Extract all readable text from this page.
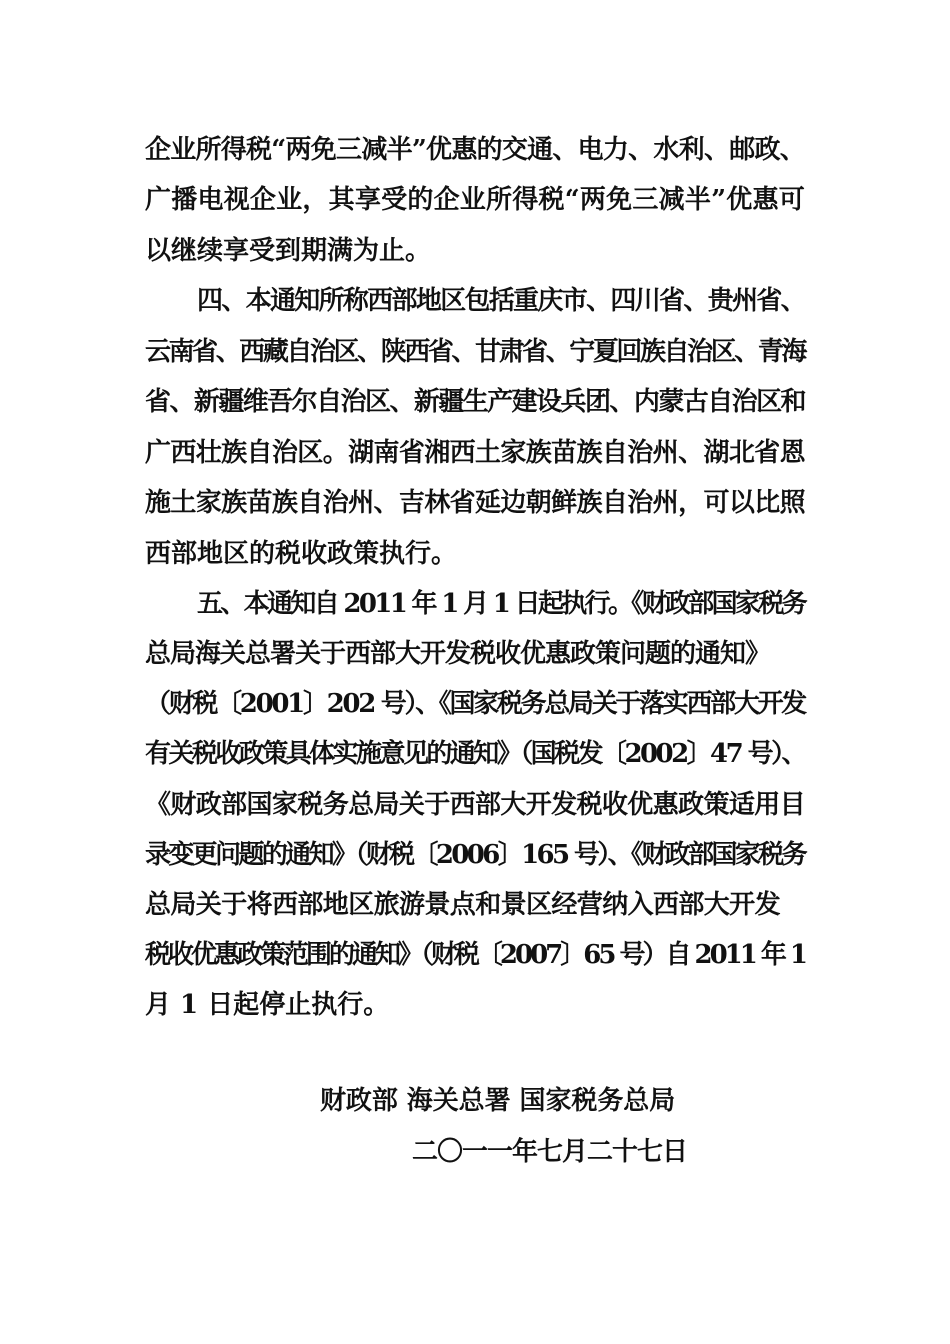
企业所得税“两免三减半”优惠的交通、电力、水利、邮政、

广播电视企业，其享受的企业所得税“两免三减半”优惠可

以继续享受到期满为止。

四、本通知所称西部地区包括重庆市、四川省、贵州省、

云南省、西藏自治区、陕西省、甘肃省、宁夏回族自治区、青海

省、新疆维吾尔自治区、新疆生产建设兵团、内蒙古自治区和

广西壮族自治区。湖南省湘西土家族苗族自治州、湖北省恩

施土家族苗族自治州、吉林省延边朝鲜族自治州，可以比照

西部地区的税收政策执行。

五、本通知自 2011 年 1 月 1 日起执行。《财政部国家税务

总局海关总署关于西部大开发税收优惠政策问题的通知》

（财税〔2001〕202 号）、《国家税务总局关于落实西部大开发

有关税收政策具体实施意见的通知》（国税发〔2002〕47 号）、

《财政部国家税务总局关于西部大开发税收优惠政策适用目

录变更问题的通知》（财税〔2006〕165 号）、《财政部国家税务

总局关于将西部地区旅游景点和景区经营纳入西部大开发

税收优惠政策范围的通知》（财税〔2007〕65 号）自 2011 年 1

月 1 日起停止执行。

财政部 海关总署 国家税务总局

二〇一一年七月二十七日
